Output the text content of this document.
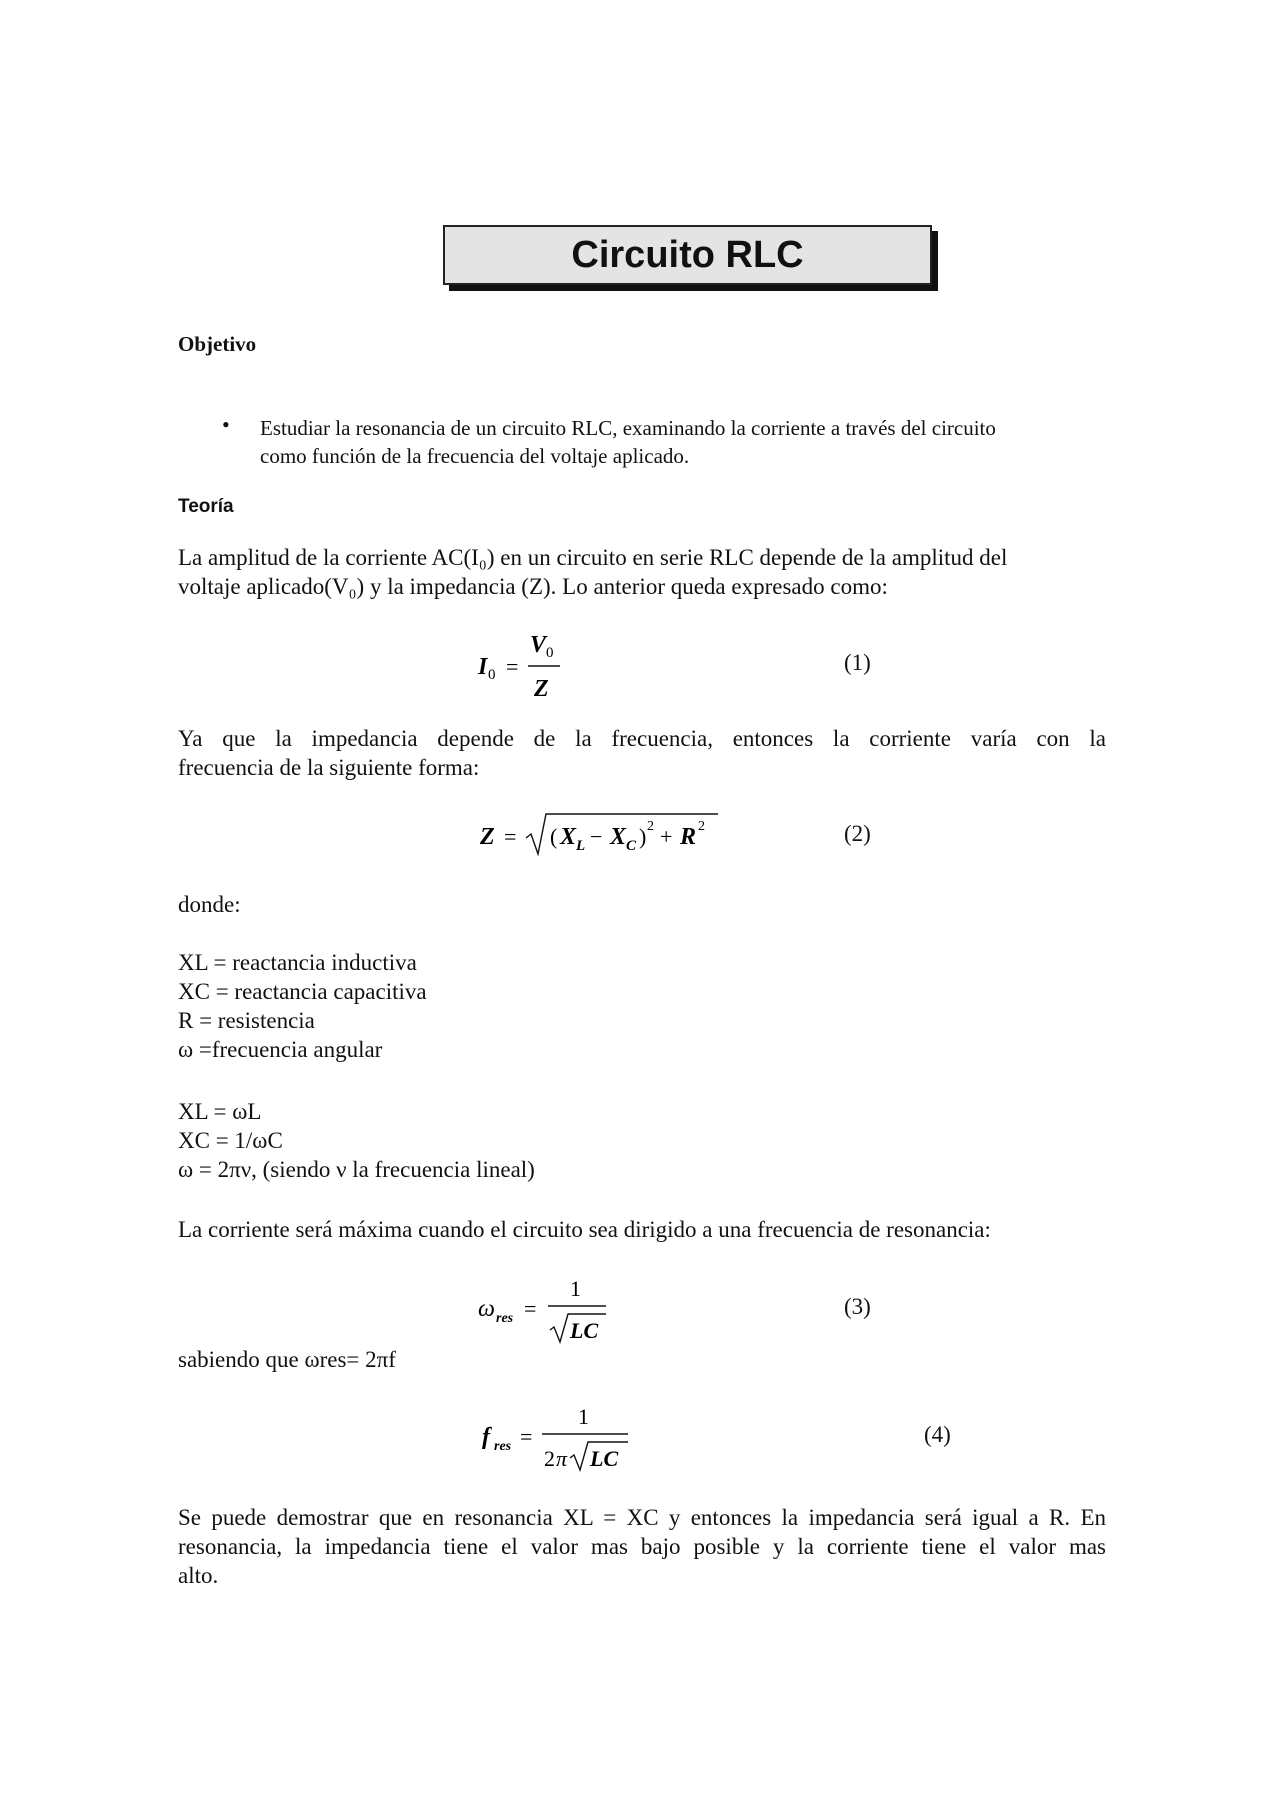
Circuito RLC
Objetivo
• Estudiar la resonancia de un circuito RLC, examinando la corriente a través del circuito
como función de la frecuencia del voltaje aplicado.
Teoría
La amplitud de la corriente AC(I₀) en un circuito en serie RLC depende de la amplitud del
voltaje aplicado(V₀) y la impedancia (Z). Lo anterior queda expresado como:
I 0 =
V 0
Z
(1)
Ya que la impedancia depende de la frecuencia, entonces la corriente varía con la
frecuencia de la siguiente forma:
Z = ( X L − X C ) 2 + R 2	(2)
donde:
XL = reactancia inductiva
XC = reactancia capacitiva
R = resistencia
ω =frecuencia angular
XL = ωL
XC = 1/ωC
ω = 2πν, (siendo ν la frecuencia lineal)
La corriente será máxima cuando el circuito sea dirigido a una frecuencia de resonancia:
ω res =
1
LC
(3)
sabiendo que ωres= 2πf
f res =
1
2 π LC
(4)
Se puede demostrar que en resonancia XL = XC y entonces la impedancia será igual a R. En
resonancia, la impedancia tiene el valor mas bajo posible y la corriente tiene el valor mas
alto.
